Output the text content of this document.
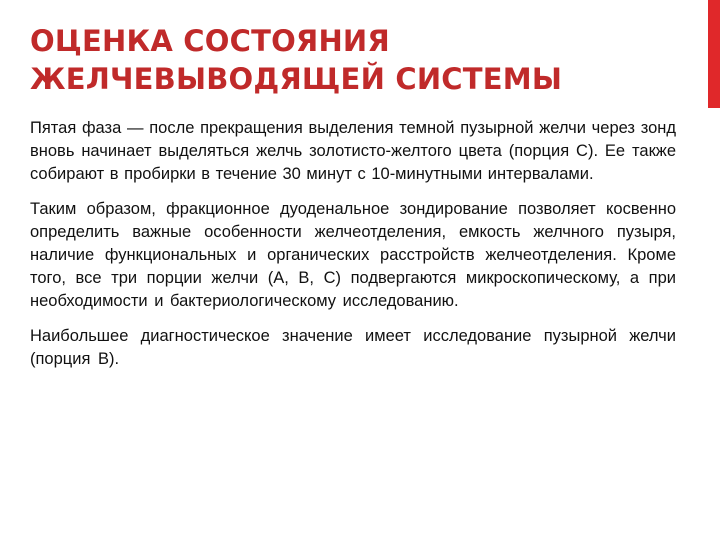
ОЦЕНКА СОСТОЯНИЯ
ЖЕЛЧЕВЫВОДЯЩЕЙ СИСТЕМЫ

Пятая фаза — после прекращения выделения темной пузырной желчи через зонд вновь начинает выделяться желчь золотисто-желтого цвета (порция С). Ее также собирают в пробирки в течение 30 минут с 10-минутными интервалами.

Таким образом, фракционное дуоденальное зондирование позволяет косвенно определить важные особенности желчеотделения, емкость желчного пузыря, наличие функциональных и органических расстройств желчеотделения. Кроме того, все три порции желчи (А, В, С) подвергаются микроскопическому, а при необходимости и бактериологическому исследованию.

Наибольшее диагностическое значение имеет исследование пузырной желчи (порция В).
